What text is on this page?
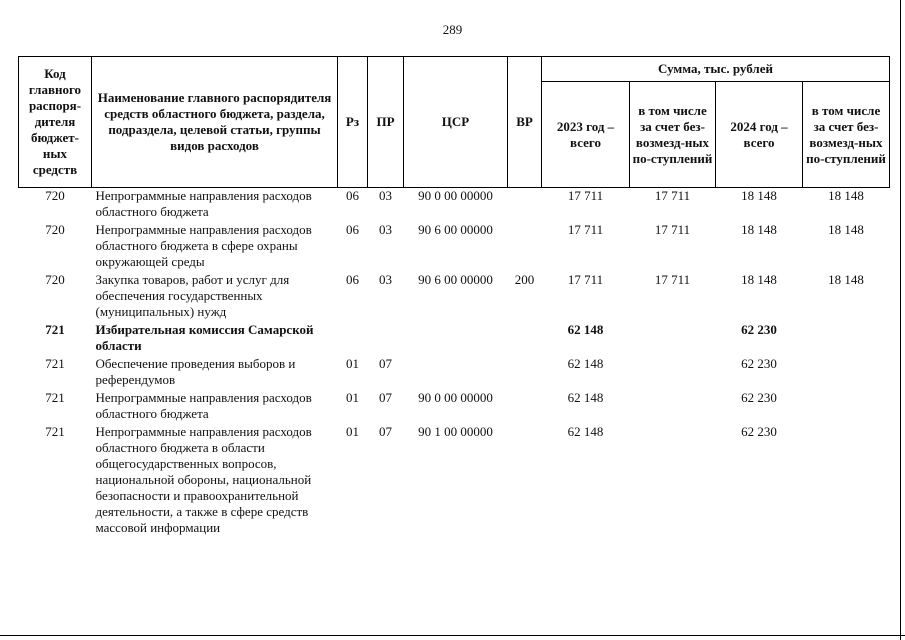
289
Код главного распоря-дителя бюджет-ных средств	Наименование главного распорядителя средств областного бюджета, раздела, подраздела, целевой статьи, группы видов расходов	Рз	ПР	ЦСР	ВР	Сумма, тыс. рублей			
						2023 год – всего	в том числе за счет без-возмезд-ных по-ступлений	2024 год – всего	в том числе за счет без-возмезд-ных по-ступлений
720	Непрограммные направления расходов областного бюджета	06	03	90 0 00 00000		17 711	17 711	18 148	18 148
720	Непрограммные направления расходов областного бюджета в сфере охраны окружающей среды	06	03	90 6 00 00000		17 711	17 711	18 148	18 148
720	Закупка товаров, работ и услуг для обеспечения государственных (муниципальных) нужд	06	03	90 6 00 00000	200	17 711	17 711	18 148	18 148
721	Избирательная комиссия Самарской области					62 148		62 230	
721	Обеспечение проведения выборов и референдумов	01	07			62 148		62 230	
721	Непрограммные направления расходов областного бюджета	01	07	90 0 00 00000		62 148		62 230	
721	Непрограммные направления расходов областного бюджета в области общегосударственных вопросов, национальной обороны, национальной безопасности и правоохранительной деятельности, а также в сфере средств массовой информации	01	07	90 1 00 00000		62 148		62 230	
